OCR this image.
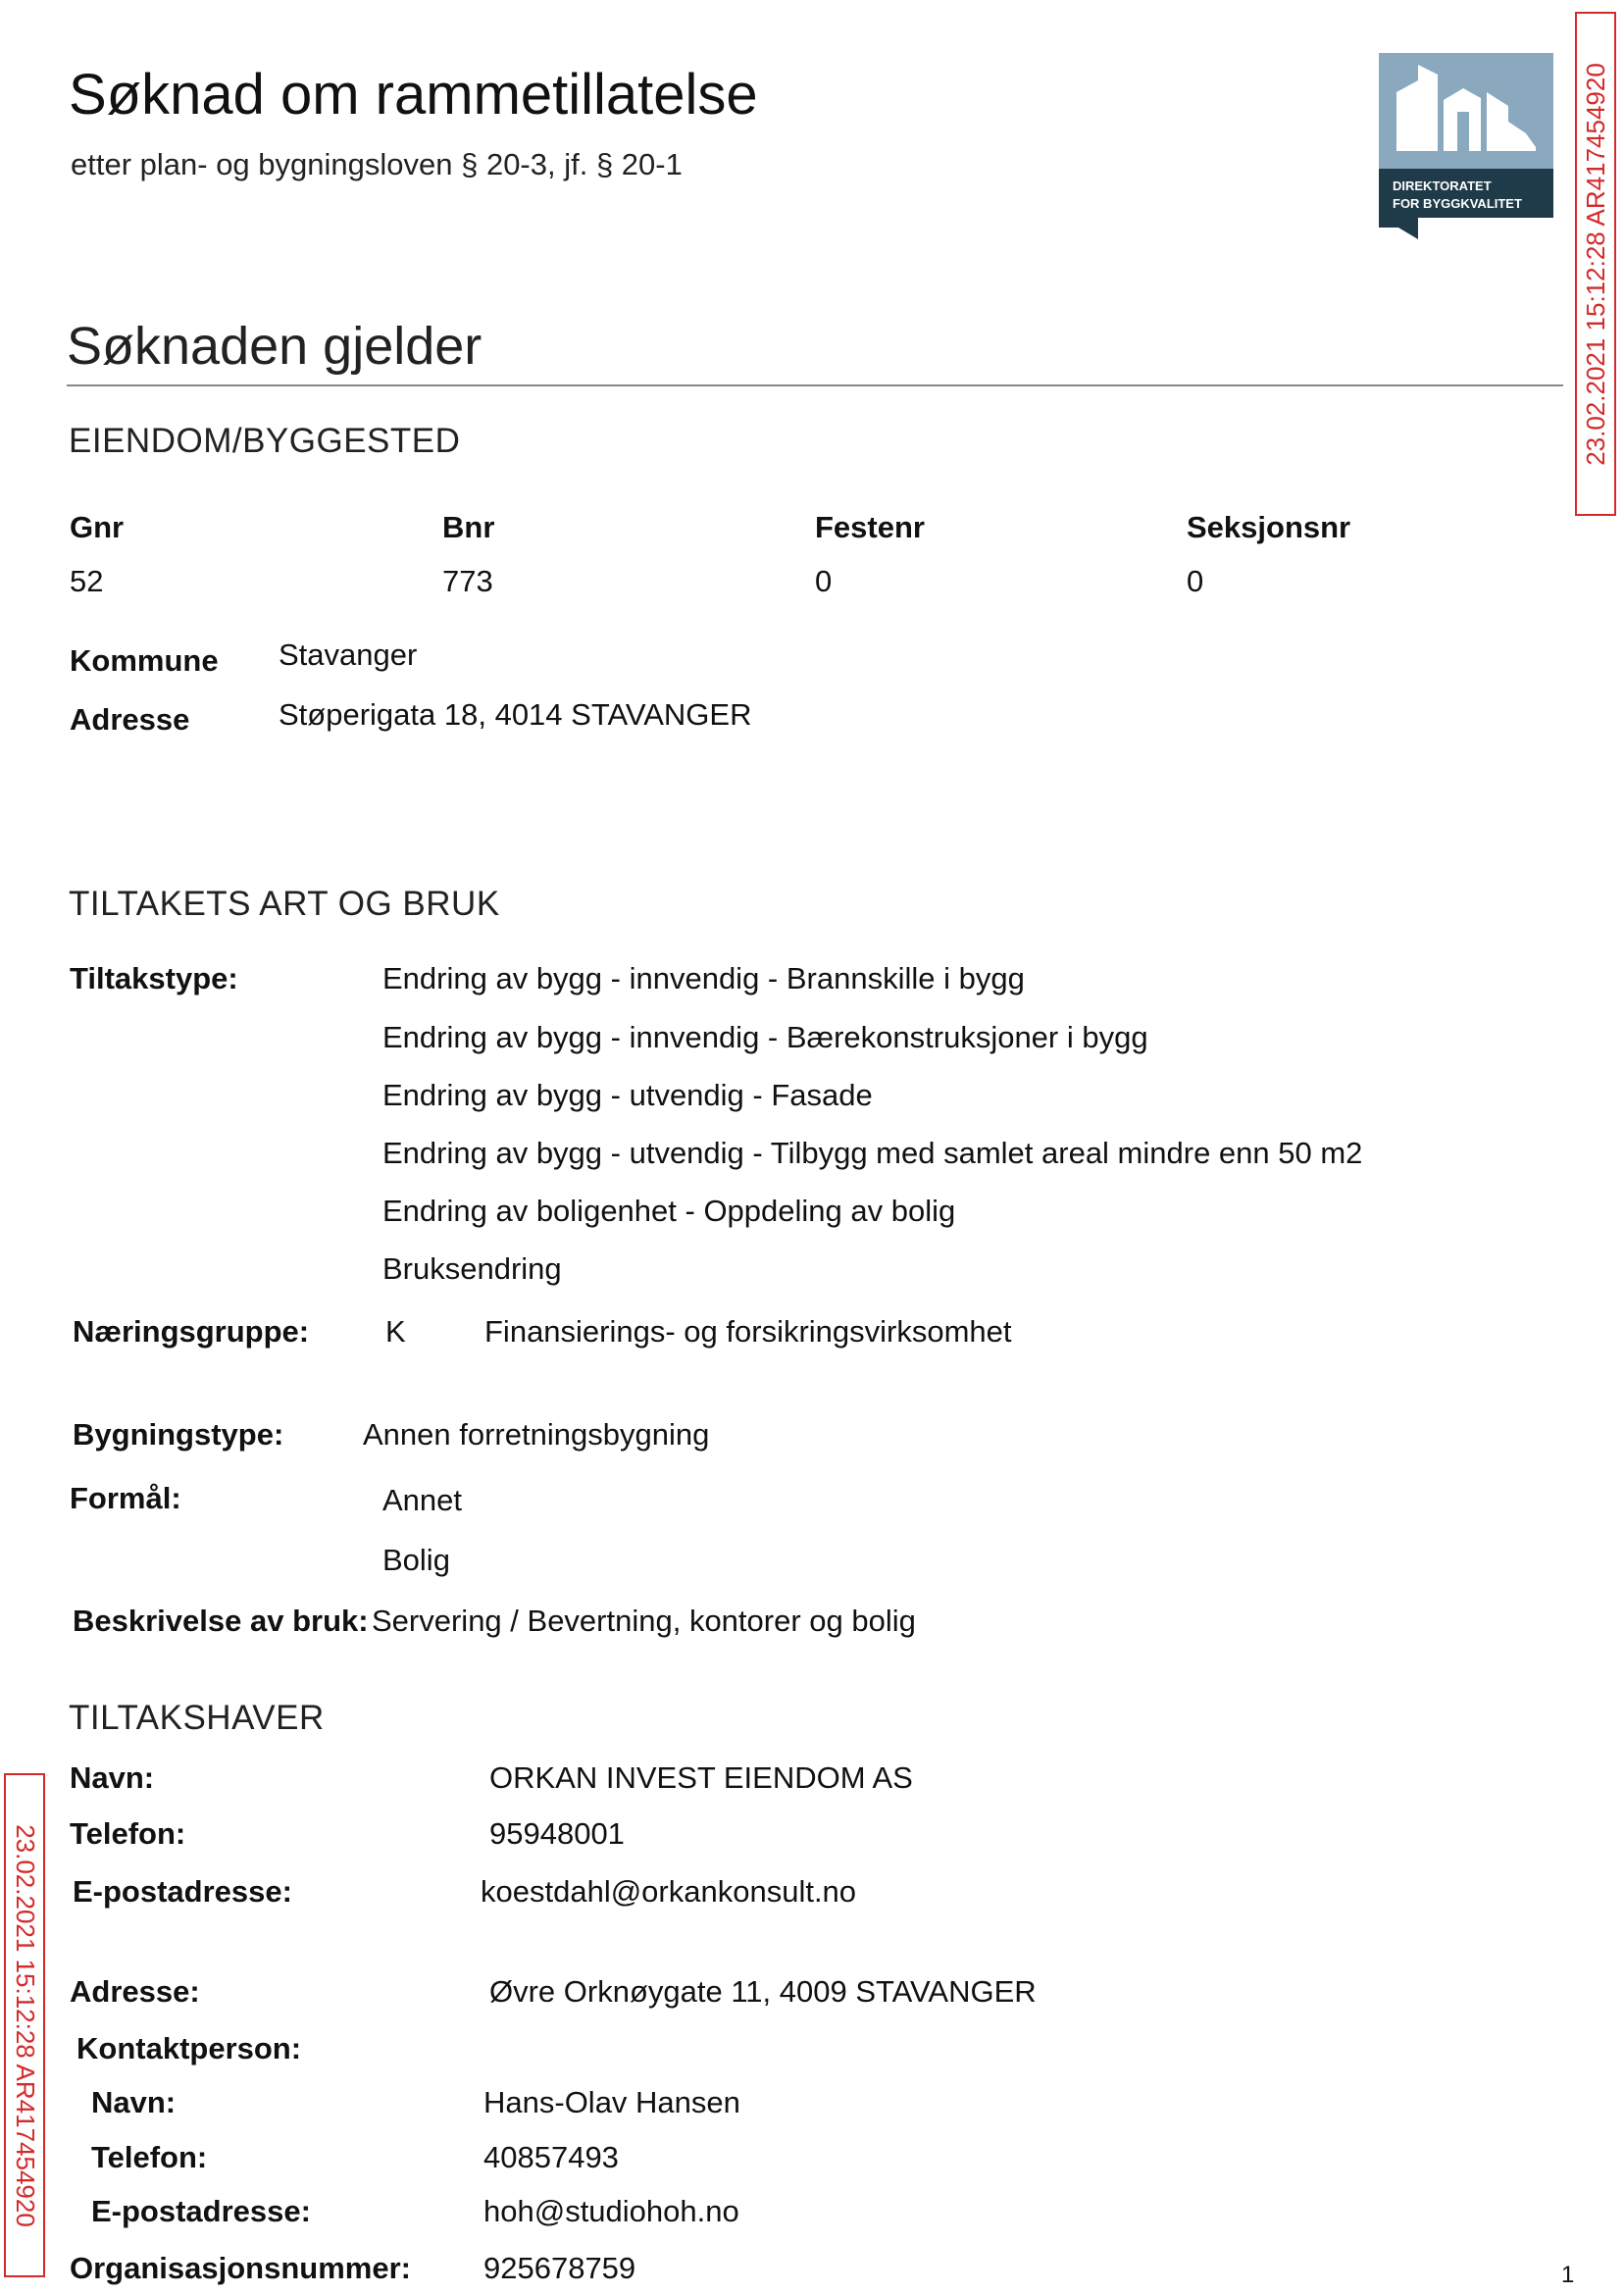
Søknad om rammetillatelse
etter plan- og bygningsloven § 20-3, jf. § 20-1
DIREKTORATET
FOR BYGGKVALITET 23.02.2021 15:12:28 AR417454920
23.02.2021 15:12:28 AR417454920
Søknaden gjelder
EIENDOM/BYGGESTED
Gnr	Bnr	Festenr	Seksjonsnr
52	773	0	0
Kommune Stavanger
Adresse	Støperigata 18, 4014 STAVANGER
TILTAKETS ART OG BRUK
Tiltakstype:	Endring av bygg - innvendig - Brannskille i bygg
Endring av bygg - innvendig - Bærekonstruksjoner i bygg
Endring av bygg - utvendig - Fasade
Endring av bygg - utvendig - Tilbygg med samlet areal mindre enn 50 m2
Endring av boligenhet - Oppdeling av bolig
Bruksendring
Næringsgruppe:	K	Finansierings- og forsikringsvirksomhet
Bygningstype:	Annen forretningsbygning
Formål:	Annet
Bolig
Beskrivelse av bruk: Servering / Bevertning, kontorer og bolig
TILTAKSHAVER
Navn:	ORKAN INVEST EIENDOM AS
Telefon:	95948001
E-postadresse:	koestdahl@orkankonsult.no
Adresse:	Øvre Orknøygate 11, 4009 STAVANGER
Kontaktperson:
Navn:	Hans-Olav Hansen
Telefon:	40857493
E-postadresse:	hoh@studiohoh.no
Organisasjonsnummer: 925678759	1
